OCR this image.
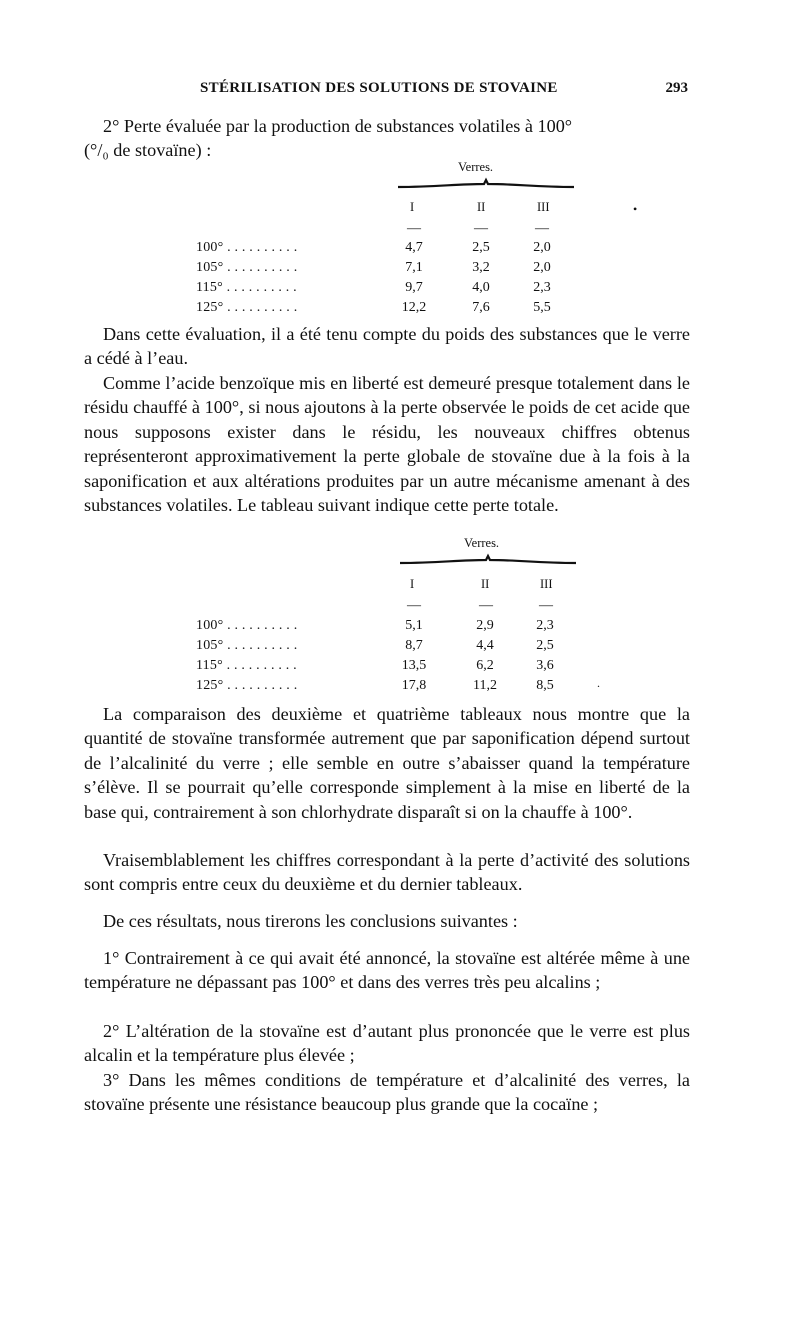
STÉRILISATION DES SOLUTIONS DE STOVAINE	293

2° Perte évaluée par la production de substances volatiles à 100°

(°/₀ de stovaïne) :

Verres.
I	II	III
—	—	—
100° . . . . . . . . . .	4,7	2,5	2,0
105° . . . . . . . . . .	7,1	3,2	2,0
115° . . . . . . . . . .	9,7	4,0	2,3
125° . . . . . . . . . .	12,2	7,6	5,5
•

Dans cette évaluation, il a été tenu compte du poids des substances que le verre a cédé à l’eau.

Comme l’acide benzoïque mis en liberté est demeuré presque totalement dans le résidu chauffé à 100°, si nous ajoutons à la perte observée le poids de cet acide que nous supposons exister dans le résidu, les nouveaux chiffres obtenus représenteront approximativement la perte globale de stovaïne due à la fois à la saponification et aux altérations produites par un autre mécanisme amenant à des substances volatiles. Le tableau suivant indique cette perte totale.

Verres.
I	II	III
—	—	—
100° . . . . . . . . . .	5,1	2,9	2,3
105° . . . . . . . . . .	8,7	4,4	2,5
115° . . . . . . . . . .	13,5	6,2	3,6
125° . . . . . . . . . .	17,8	11,2	8,5	.

La comparaison des deuxième et quatrième tableaux nous montre que la quantité de stovaïne transformée autrement que par saponification dépend surtout de l’alcalinité du verre ; elle semble en outre s’abaisser quand la température s’élève. Il se pourrait qu’elle corresponde simplement à la mise en liberté de la base qui, contrairement à son chlorhydrate disparaît si on la chauffe à 100°.

Vraisemblablement les chiffres correspondant à la perte d’activité des solutions sont compris entre ceux du deuxième et du dernier tableaux.

De ces résultats, nous tirerons les conclusions suivantes :

1° Contrairement à ce qui avait été annoncé, la stovaïne est altérée même à une température ne dépassant pas 100° et dans des verres très peu alcalins ;

2° L’altération de la stovaïne est d’autant plus prononcée que le verre est plus alcalin et la température plus élevée ;

3° Dans les mêmes conditions de température et d’alcalinité des verres, la stovaïne présente une résistance beaucoup plus grande que la cocaïne ;
